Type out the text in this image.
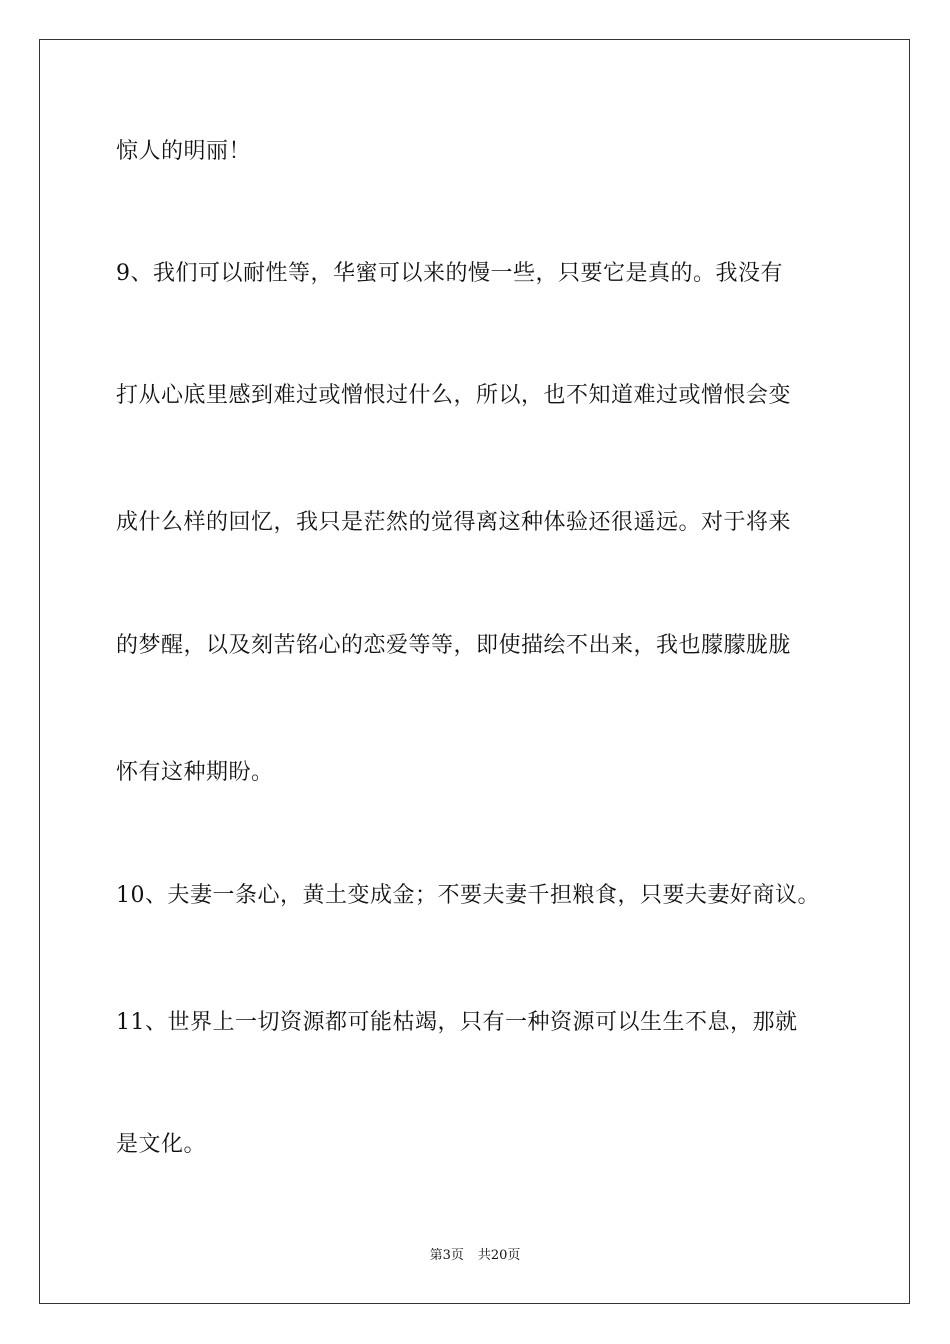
惊人的明丽！
9、我们可以耐性等，华蜜可以来的慢一些，只要它是真的。我没有
打从心底里感到难过或憎恨过什么，所以，也不知道难过或憎恨会变
成什么样的回忆，我只是茫然的觉得离这种体验还很遥远。对于将来
的梦醒，以及刻苦铭心的恋爱等等，即使描绘不出来，我也朦朦胧胧
怀有这种期盼。
10、夫妻一条心，黄土变成金；不要夫妻千担粮食，只要夫妻好商议。
11、世界上一切资源都可能枯竭，只有一种资源可以生生不息，那就
是文化。
第3页 共20页
